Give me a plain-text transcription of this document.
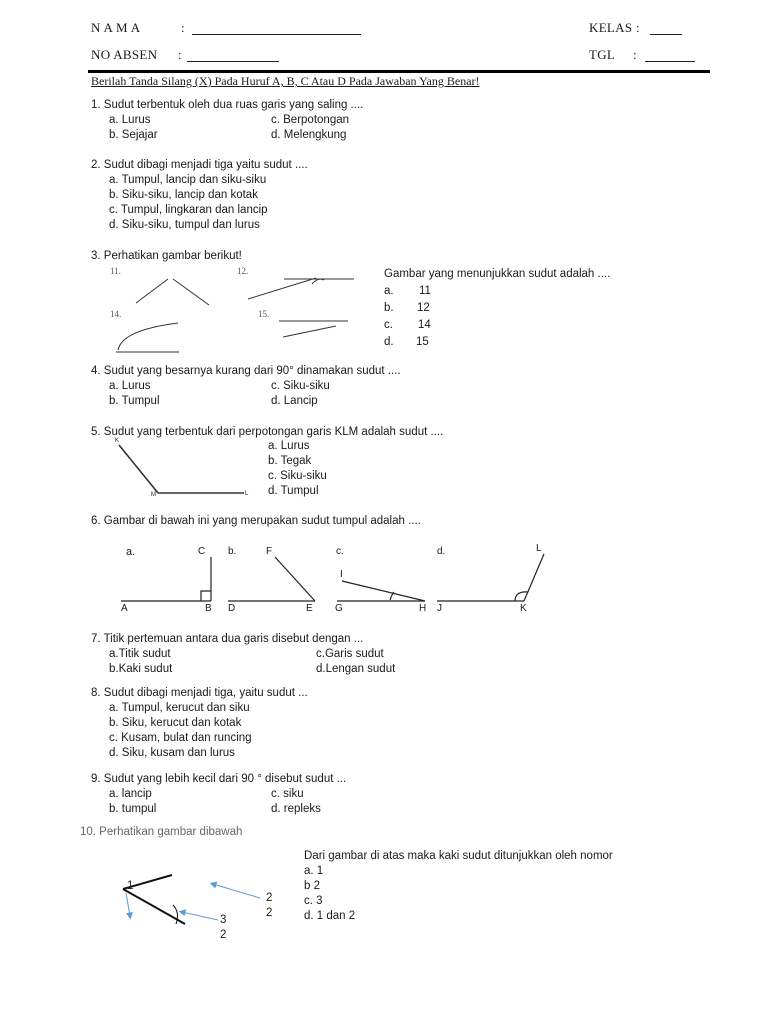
N A M A	:	KELAS :
NO ABSEN :	TGL :
Berilah Tanda Silang (X) Pada Huruf A, B, C Atau D Pada Jawaban Yang Benar!
1. Sudut terbentuk oleh dua ruas garis yang saling ....
a. Lurus	c. Berpotongan
b. Sejajar	d. Melengkung
2. Sudut dibagi menjadi tiga yaitu sudut ....
a. Tumpul, lancip dan siku-siku
b. Siku-siku, lancip dan kotak
c. Tumpul, lingkaran dan lancip
d. Siku-siku, tumpul dan lurus
3. Perhatikan gambar berikut!
11.	12.
14.	15.
Gambar yang menunjukkan sudut adalah ....
a. 11
b. 12
c. 14
d. 15
4. Sudut yang besarnya kurang dari 90° dinamakan sudut ....
a. Lurus	c. Siku-siku
b. Tumpul	d. Lancip
5. Sudut yang terbentuk dari perpotongan garis KLM adalah sudut ....
K
M	L
a. Lurus
b. Tegak
c. Siku-siku
d. Tumpul
6. Gambar di bawah ini yang merupakan sudut tumpul adalah ....
a.	b.	c.	d.
C	F
I
L
A	B D	E G	H J	K
7. Titik pertemuan antara dua garis disebut dengan ...
a.Titik sudut	c.Garis sudut
b.Kaki sudut	d.Lengan sudut
8. Sudut dibagi menjadi tiga, yaitu sudut ...
a. Tumpul, kerucut dan siku
b. Siku, kerucut dan kotak
c. Kusam, bulat dan runcing
d. Siku, kusam dan lurus
9. Sudut yang lebih kecil dari 90 ° disebut sudut ...
a. lancip	c. siku
b. tumpul	d. repleks
10. Perhatikan gambar dibawah
1
2
2
3
2
Dari gambar di atas maka kaki sudut ditunjukkan oleh nomor
a. 1
b 2
c. 3
d. 1 dan 2
